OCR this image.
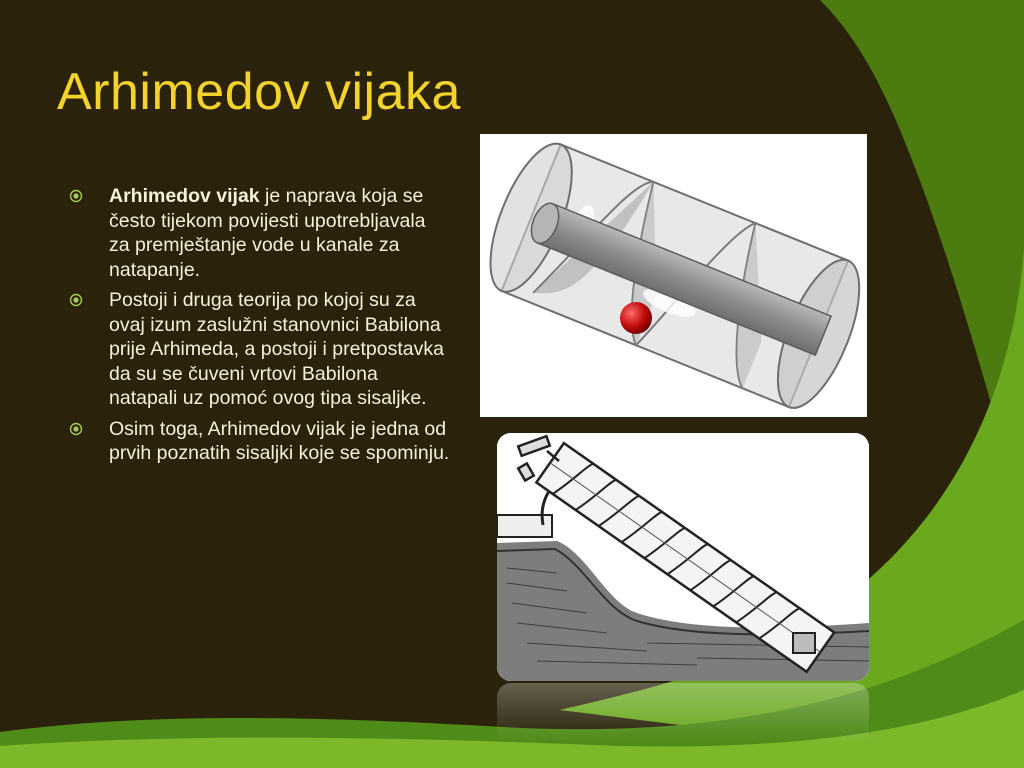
Arhimedov vijaka
Arhimedov vijak je naprava koja se često tijekom povijesti upotrebljavala za premještanje vode u kanale za natapanje.
Postoji i druga teorija po kojoj su za ovaj izum zaslužni stanovnici Babilona prije Arhimeda, a postoji i pretpostavka da su se čuveni vrtovi Babilona natapali uz pomoć ovog tipa sisaljke.
Osim toga, Arhimedov vijak je jedna od prvih poznatih sisaljki koje se spominju.
